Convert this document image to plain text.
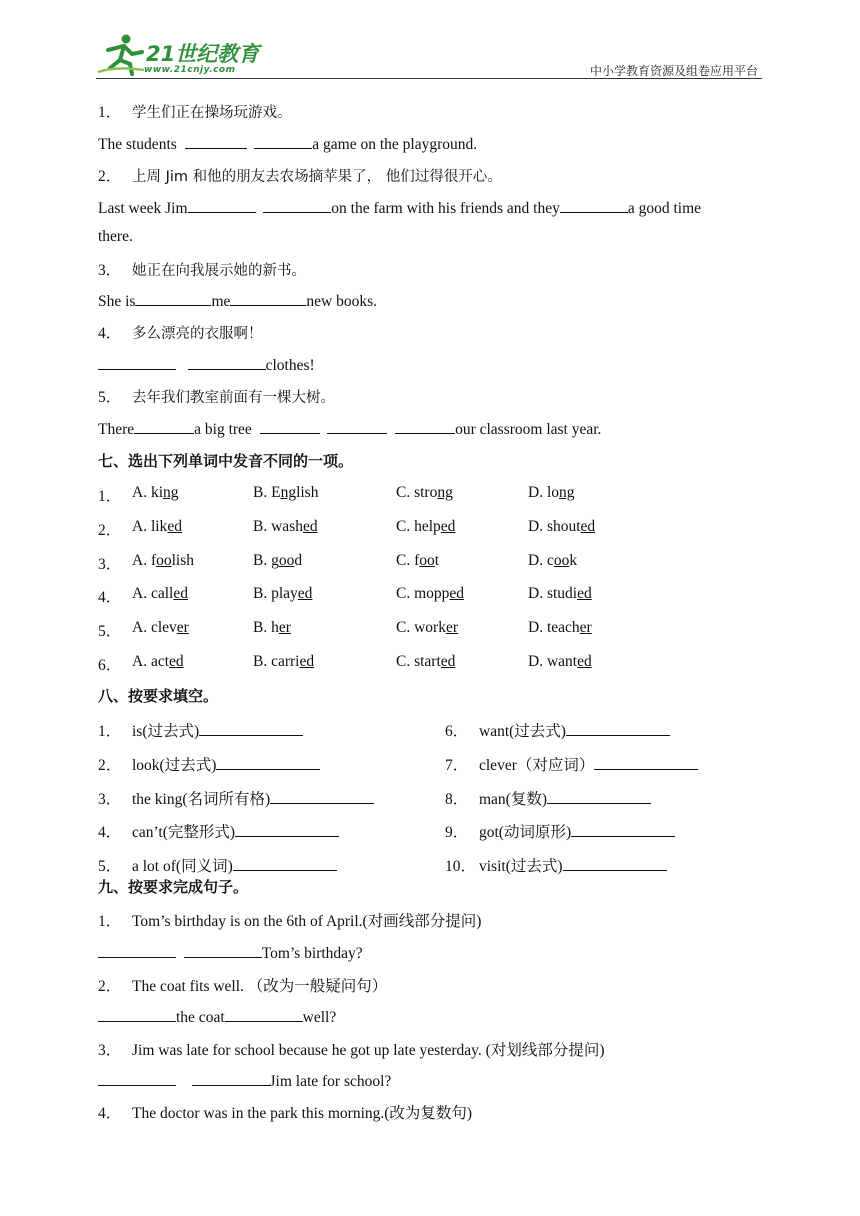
21世纪教育
www.21cnjy.com	中小学教育资源及组卷应用平台
1． 学生们正在操场玩游戏。
The students	a game on the playground.
2． 上周 Jim 和他的朋友去农场摘苹果了， 他们过得很开心。
Last week Jim	on the farm with his friends and they	a good time
there.
3． 她正在向我展示她的新书。
She is	me	new books.
4． 多么漂亮的衣服啊！
clothes!
5． 去年我们教室前面有一棵大树。
There	a big tree	our classroom last year.
七、选出下列单词中发音不同的一项。
1． A. king	B. English	C. strong	D. long
2． A. liked	B. washed	C. helped	D. shouted
3． A. foolish	B. good	C. foot	D. cook
4． A. called	B. played	C. mopped	D. studied
5． A. clever	B. her	C. worker	D. teacher
6． A. acted	B. carried	C. started	D. wanted
八、按要求填空。
1． is(过去式)	6． want(过去式)
2． look(过去式)	7． clever（对应词）
3． the king(名词所有格)	8． man(复数)
4． can’t(完整形式)	9． got(动词原形)
5． a lot of(同义词)	10． visit(过去式)
九、按要求完成句子。
1． Tom’s birthday is on the 6th of April.(对画线部分提问)
Tom’s birthday?
2． The coat fits well. （改为一般疑问句）
the coat	well?
3． Jim was late for school because he got up late yesterday. (对划线部分提问)
Jim late for school?
4． The doctor was in the park this morning.(改为复数句)
